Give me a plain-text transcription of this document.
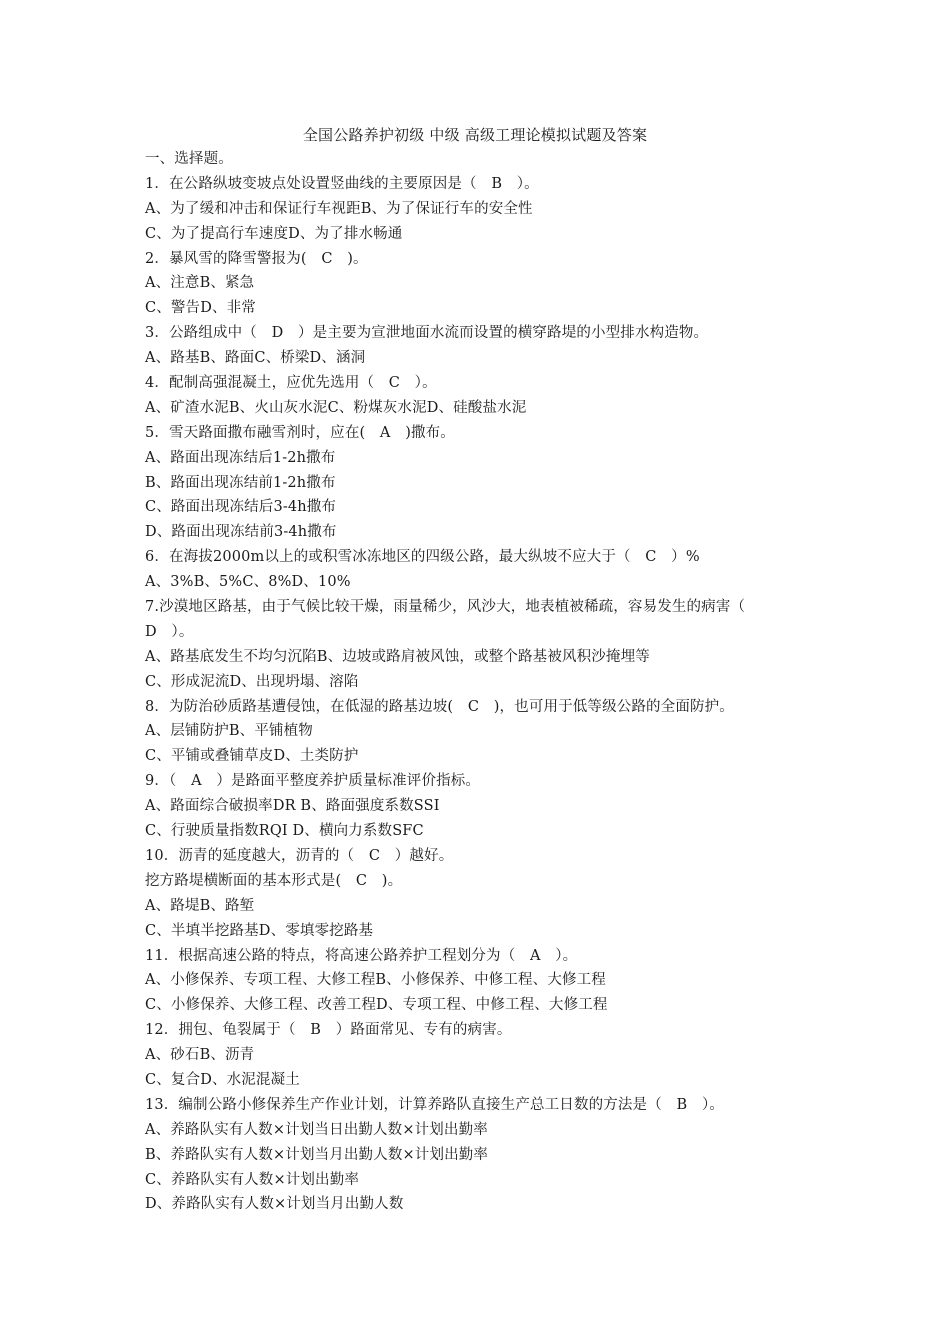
全国公路养护初级 中级 高级工理论模拟试题及答案
一、选择题。
1．在公路纵坡变坡点处设置竖曲线的主要原因是（　B　）。
A、为了缓和冲击和保证行车视距B、为了保证行车的安全性
C、为了提高行车速度D、为了排水畅通
2．暴风雪的降雪警报为(　C　)。
A、注意B、紧急
C、警告D、非常
3．公路组成中（　D　）是主要为宣泄地面水流而设置的横穿路堤的小型排水构造物。
A、路基B、路面C、桥梁D、涵洞
4．配制高强混凝土，应优先选用（　C　）。
A、矿渣水泥B、火山灰水泥C、粉煤灰水泥D、硅酸盐水泥
5．雪天路面撒布融雪剂时，应在(　A　)撒布。
A、路面出现冻结后1-2h撒布
B、路面出现冻结前1-2h撒布
C、路面出现冻结后3-4h撒布
D、路面出现冻结前3-4h撒布
6．在海拔2000m以上的或积雪冰冻地区的四级公路，最大纵坡不应大于（　C　）%
A、3%B、5%C、8%D、10%
7.沙漠地区路基，由于气候比较干燥，雨量稀少，风沙大，地表植被稀疏，容易发生的病害（
D　）。
A、路基底发生不均匀沉陷B、边坡或路肩被风蚀，或整个路基被风积沙掩埋等
C、形成泥流D、出现坍塌、溶陷
8．为防治砂质路基遭侵蚀，在低湿的路基边坡(　C　)，也可用于低等级公路的全面防护。
A、层铺防护B、平铺植物
C、平铺或叠铺草皮D、土类防护
9．（　A　）是路面平整度养护质量标准评价指标。
A、路面综合破损率DR B、路面强度系数SSI
C、行驶质量指数RQI D、横向力系数SFC
10．沥青的延度越大，沥青的（　C　）越好。
挖方路堤横断面的基本形式是(　C　)。
A、路堤B、路堑
C、半填半挖路基D、零填零挖路基
11．根据高速公路的特点，将高速公路养护工程划分为（　A　）。
A、小修保养、专项工程、大修工程B、小修保养、中修工程、大修工程
C、小修保养、大修工程、改善工程D、专项工程、中修工程、大修工程
12．拥包、龟裂属于（　B　）路面常见、专有的病害。
A、砂石B、沥青
C、复合D、水泥混凝土
13．编制公路小修保养生产作业计划，计算养路队直接生产总工日数的方法是（　B　）。
A、养路队实有人数×计划当日出勤人数×计划出勤率
B、养路队实有人数×计划当月出勤人数×计划出勤率
C、养路队实有人数×计划出勤率
D、养路队实有人数×计划当月出勤人数
